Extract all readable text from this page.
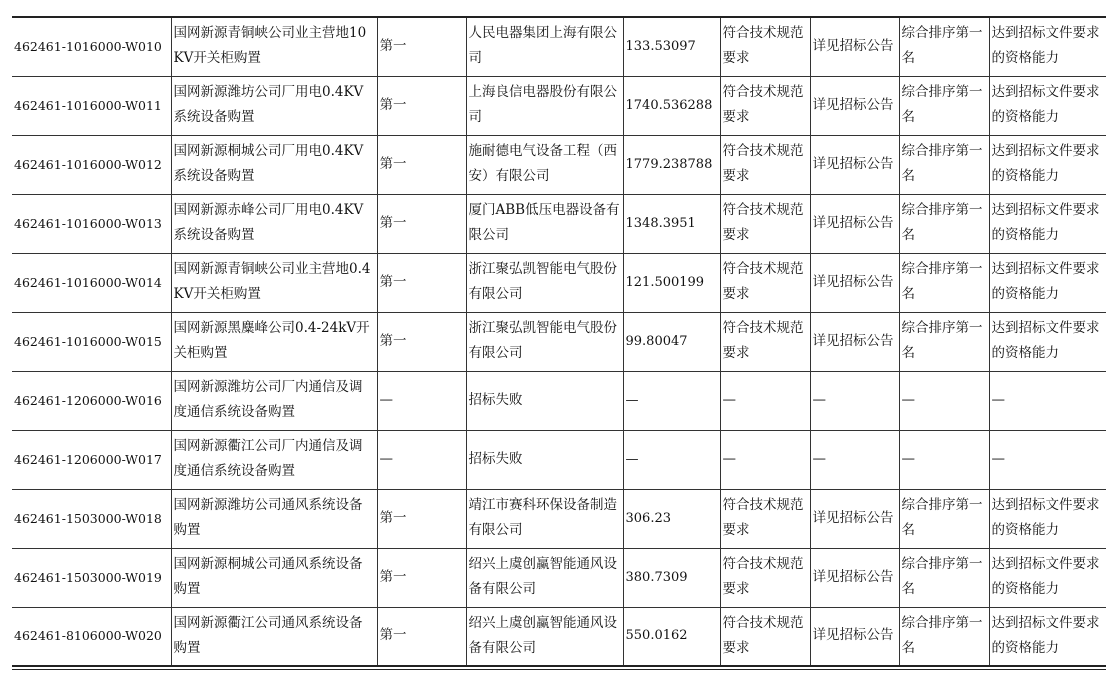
462461-1016000-W010	国网新源青铜峡公司业主营地10KV开关柜购置	第一	人民电器集团上海有限公司	133.53097	符合技术规范要求	详见招标公告	综合排序第一名	达到招标文件要求的资格能力
462461-1016000-W011	国网新源潍坊公司厂用电0.4KV系统设备购置	第一	上海良信电器股份有限公司	1740.536288	符合技术规范要求	详见招标公告	综合排序第一名	达到招标文件要求的资格能力
462461-1016000-W012	国网新源桐城公司厂用电0.4KV系统设备购置	第一	施耐德电气设备工程（西安）有限公司	1779.238788	符合技术规范要求	详见招标公告	综合排序第一名	达到招标文件要求的资格能力
462461-1016000-W013	国网新源赤峰公司厂用电0.4KV系统设备购置	第一	厦门ABB低压电器设备有限公司	1348.3951	符合技术规范要求	详见招标公告	综合排序第一名	达到招标文件要求的资格能力
462461-1016000-W014	国网新源青铜峡公司业主营地0.4KV开关柜购置	第一	浙江聚弘凯智能电气股份有限公司	121.500199	符合技术规范要求	详见招标公告	综合排序第一名	达到招标文件要求的资格能力
462461-1016000-W015	国网新源黑麋峰公司0.4-24kV开关柜购置	第一	浙江聚弘凯智能电气股份有限公司	99.80047	符合技术规范要求	详见招标公告	综合排序第一名	达到招标文件要求的资格能力
462461-1206000-W016	国网新源潍坊公司厂内通信及调度通信系统设备购置	—	招标失败	—	—	—	—	—
462461-1206000-W017	国网新源衢江公司厂内通信及调度通信系统设备购置	—	招标失败	—	—	—	—	—
462461-1503000-W018	国网新源潍坊公司通风系统设备购置	第一	靖江市赛科环保设备制造有限公司	306.23	符合技术规范要求	详见招标公告	综合排序第一名	达到招标文件要求的资格能力
462461-1503000-W019	国网新源桐城公司通风系统设备购置	第一	绍兴上虞创赢智能通风设备有限公司	380.7309	符合技术规范要求	详见招标公告	综合排序第一名	达到招标文件要求的资格能力
462461-8106000-W020	国网新源衢江公司通风系统设备购置	第一	绍兴上虞创赢智能通风设备有限公司	550.0162	符合技术规范要求	详见招标公告	综合排序第一名	达到招标文件要求的资格能力
